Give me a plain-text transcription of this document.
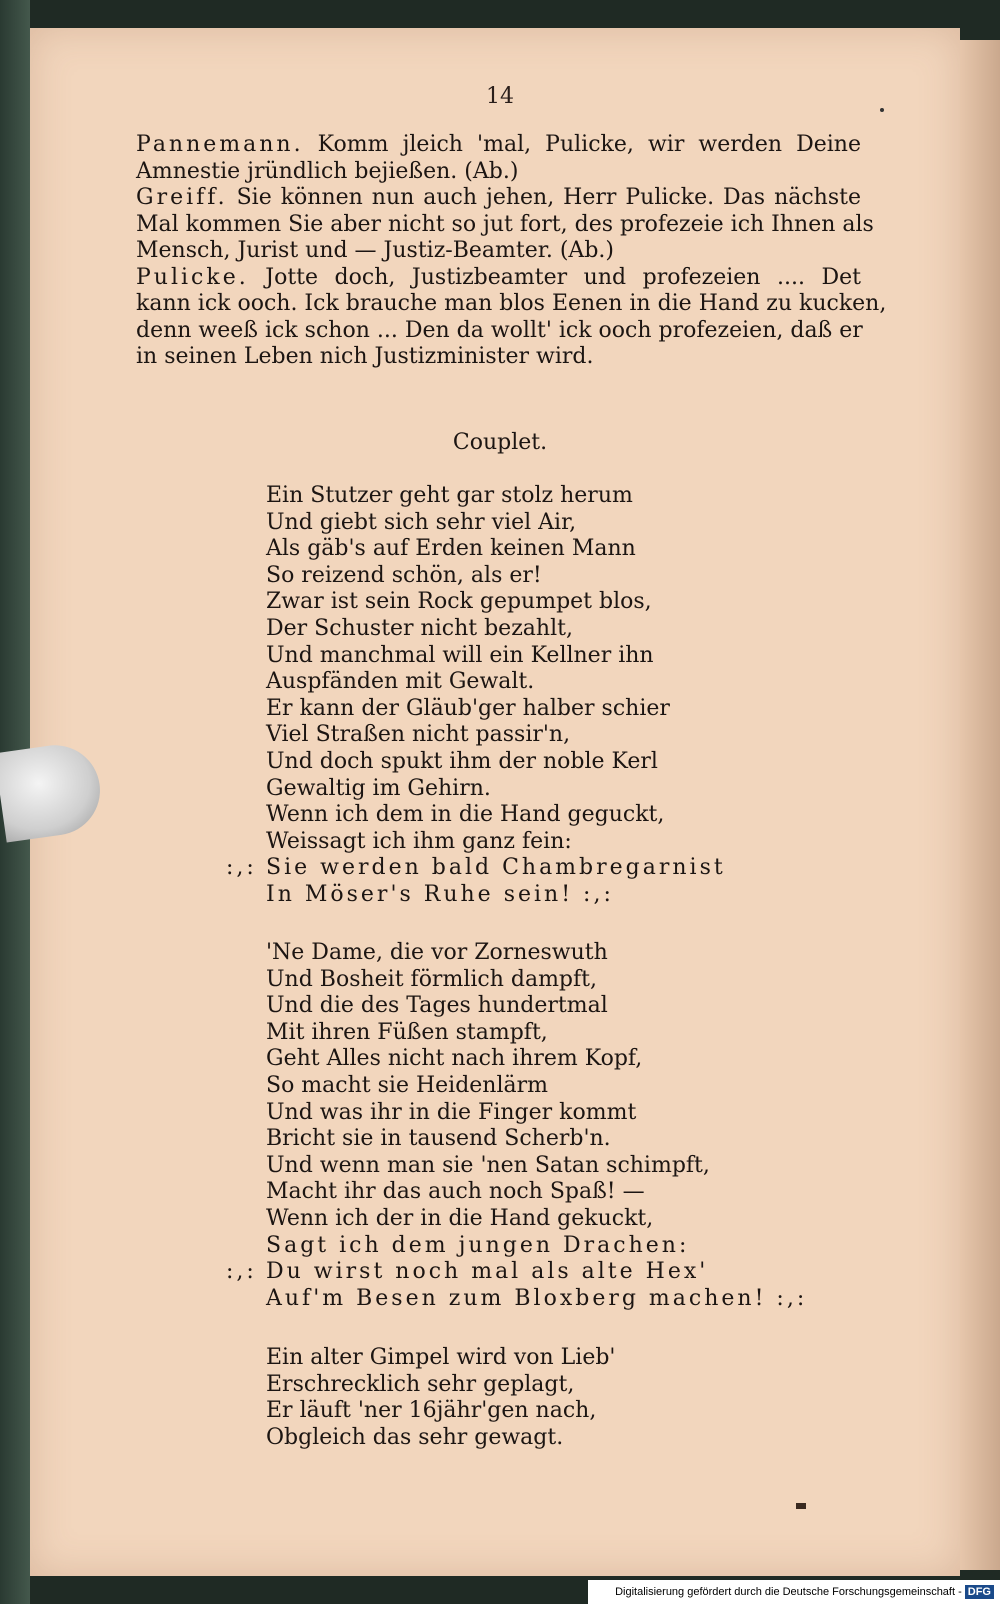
14

Pannemann. Komm jleich 'mal, Pulicke, wir werden Deine
Amnestie jründlich bejießen. (Ab.)

Greiff. Sie können nun auch jehen, Herr Pulicke. Das nächste
Mal kommen Sie aber nicht so jut fort, des profezeie ich Ihnen als
Mensch, Jurist und — Justiz-Beamter. (Ab.)

Pulicke. Jotte doch, Justizbeamter und profezeien .... Det
kann ick ooch. Ick brauche man blos Eenen in die Hand zu kucken,
denn weeß ick schon ... Den da wollt' ick ooch profezeien, daß er
in seinen Leben nich Justizminister wird.

Couplet.
Ein Stutzer geht gar stolz herum
Und giebt sich sehr viel Air,
Als gäb's auf Erden keinen Mann
So reizend schön, als er!
Zwar ist sein Rock gepumpet blos,
Der Schuster nicht bezahlt,
Und manchmal will ein Kellner ihn
Auspfänden mit Gewalt.
Er kann der Gläub'ger halber schier
Viel Straßen nicht passir'n,
Und doch spukt ihm der noble Kerl
Gewaltig im Gehirn.
Wenn ich dem in die Hand geguckt,
Weissagt ich ihm ganz fein:
Sie werden bald Chambregarnist
:,:
In Möser's Ruhe sein! :,:
'Ne Dame, die vor Zorneswuth
Und Bosheit förmlich dampft,
Und die des Tages hundertmal
Mit ihren Füßen stampft,
Geht Alles nicht nach ihrem Kopf,
So macht sie Heidenlärm
Und was ihr in die Finger kommt
Bricht sie in tausend Scherb'n.
Und wenn man sie 'nen Satan schimpft,
Macht ihr das auch noch Spaß! —
Wenn ich der in die Hand gekuckt,
Sagt ich dem jungen Drachen:
Du wirst noch mal als alte Hex'
:,:
Auf'm Besen zum Bloxberg machen! :,:
Ein alter Gimpel wird von Lieb'
Erschrecklich sehr geplagt,
Er läuft 'ner 16jähr'gen nach,
Obgleich das sehr gewagt.
Digitalisierung gefördert durch die Deutsche Forschungsgemeinschaft - DFG
